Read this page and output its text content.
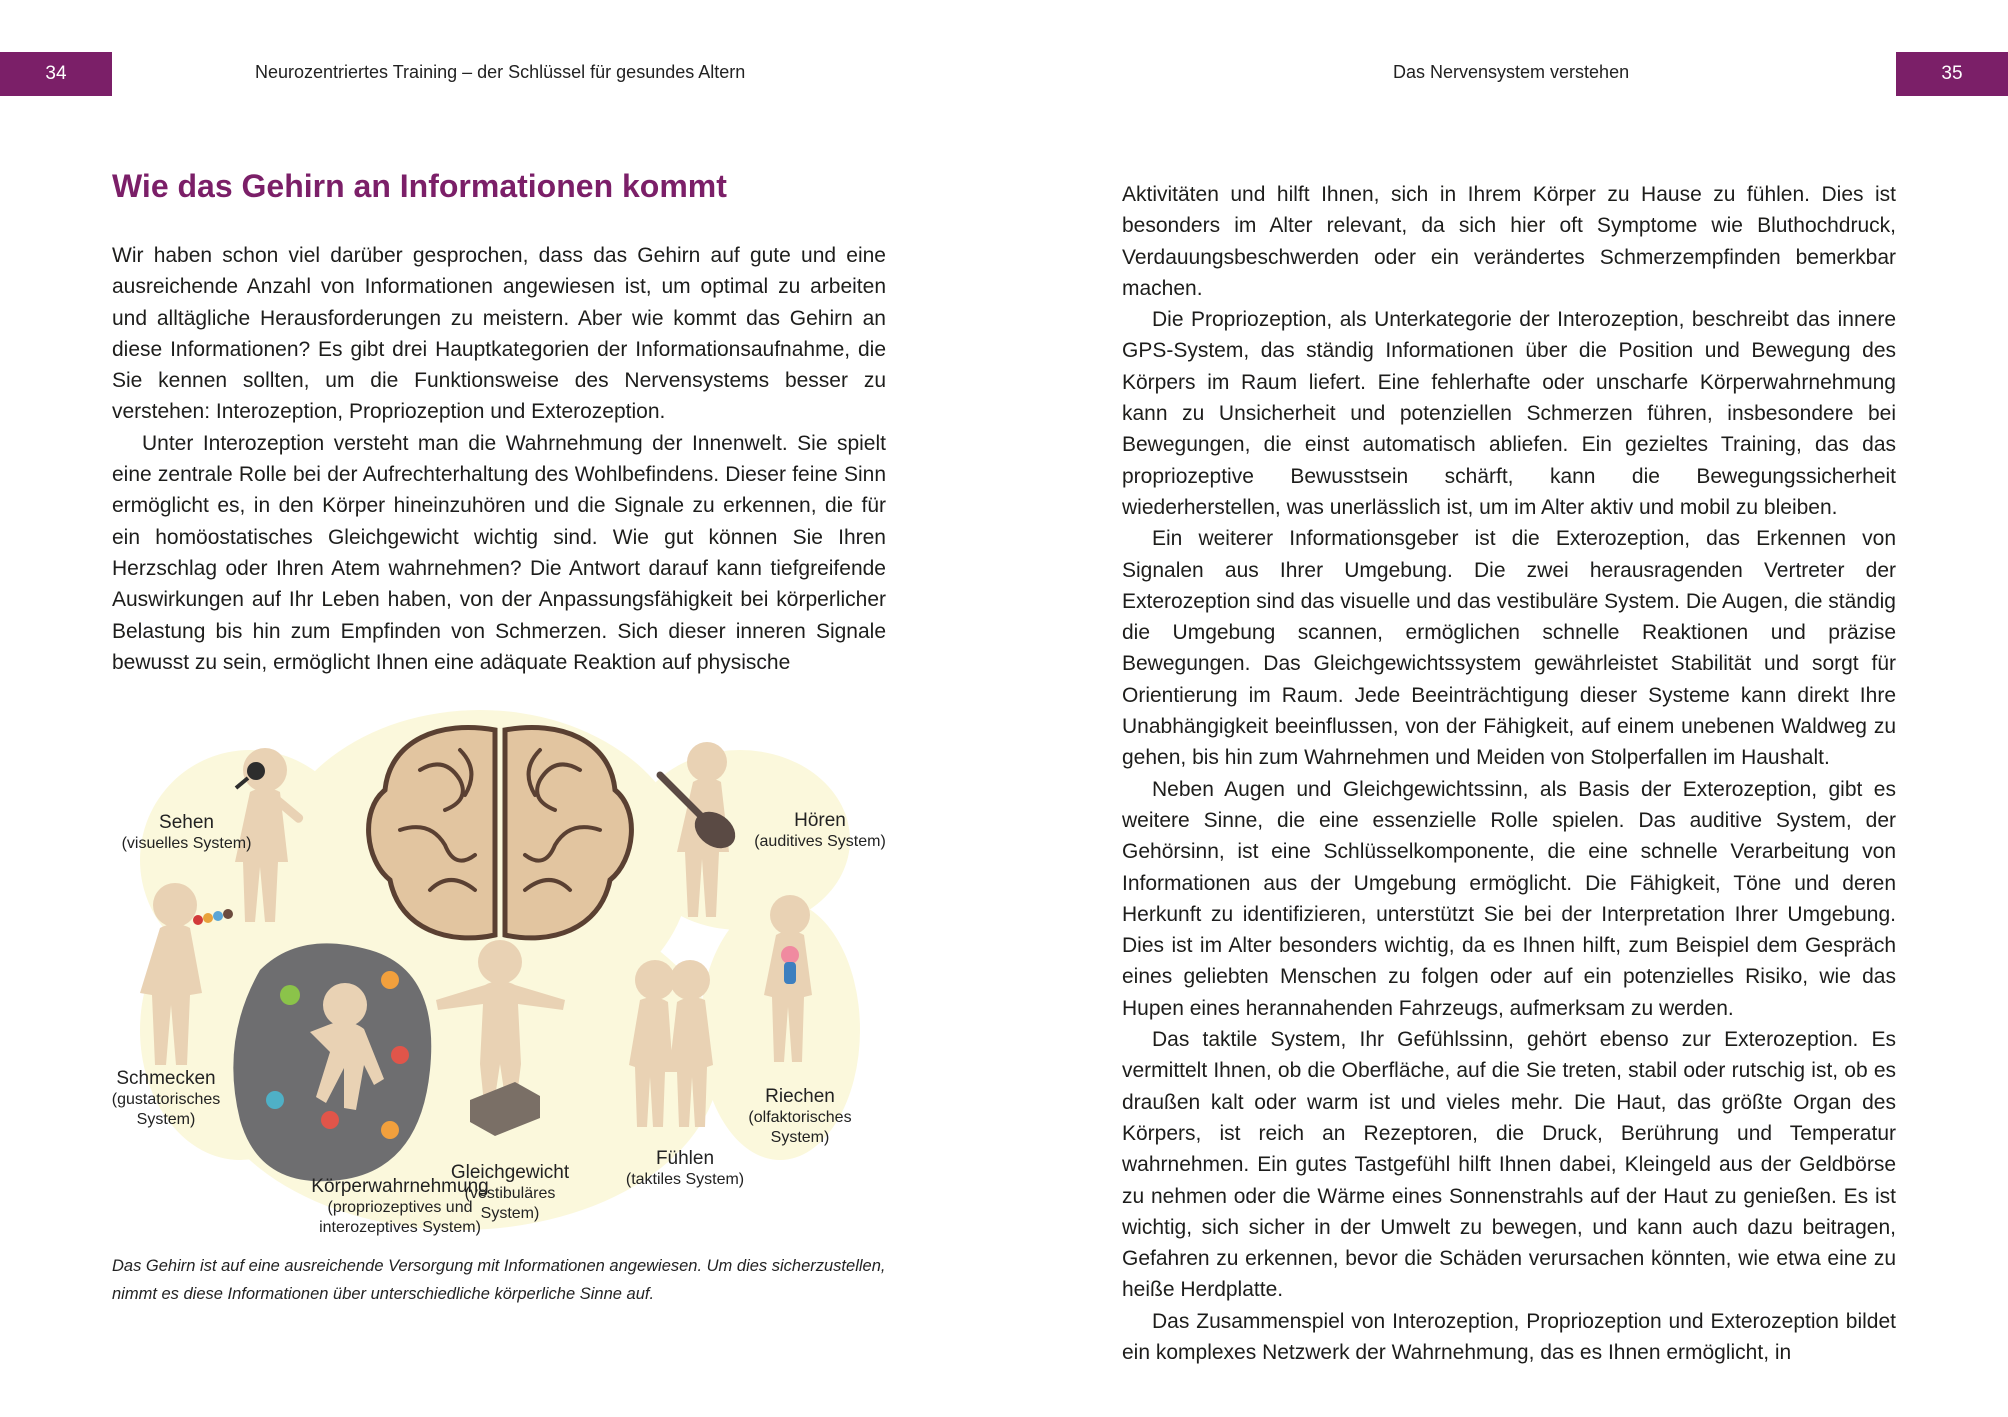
34	Neurozentriertes Training – der Schlüssel für gesundes Altern	Das Nervensystem verstehen	35
Wie das Gehirn an Informationen kommt

Wir haben schon viel darüber gesprochen, dass das Gehirn auf gute und eine ausreichende Anzahl von Informationen angewiesen ist, um optimal zu arbeiten und alltägliche Herausforderungen zu meistern. Aber wie kommt das Gehirn an diese Informationen? Es gibt drei Hauptkategorien der Informationsaufnahme, die Sie kennen sollten, um die Funktionsweise des Nervensystems besser zu verstehen: Interozeption, Propriozeption und Exterozeption.

Unter Interozeption versteht man die Wahrnehmung der Innenwelt. Sie spielt eine zentrale Rolle bei der Aufrechterhaltung des Wohlbefindens. Dieser feine Sinn ermöglicht es, in den Körper hineinzuhören und die Signale zu erkennen, die für ein homöostatisches Gleichgewicht wichtig sind. Wie gut können Sie Ihren Herzschlag oder Ihren Atem wahrnehmen? Die Antwort darauf kann tiefgreifende Auswirkungen auf Ihr Leben haben, von der Anpassungsfähigkeit bei körperlicher Belastung bis hin zum Empfinden von Schmerzen. Sich dieser inneren Signale bewusst zu sein, ermöglicht Ihnen eine adäquate Reaktion auf physische

Sehen
(visuelles System)
Hören
(auditives System)
Schmecken
(gustatorisches
System)
Riechen
(olfaktorisches
System)
Fühlen
(taktiles System)
Gleichgewicht
(vestibuläres
System)
Körperwahrnehmung
(propriozeptives und
interozeptives System)

Das Gehirn ist auf eine ausreichende Versorgung mit Informationen angewiesen. Um dies sicherzustellen, nimmt es diese Informationen über unterschiedliche körperliche Sinne auf.

Aktivitäten und hilft Ihnen, sich in Ihrem Körper zu Hause zu fühlen. Dies ist besonders im Alter relevant, da sich hier oft Symptome wie Bluthochdruck, Verdauungsbeschwerden oder ein verändertes Schmerzempfinden bemerkbar machen.

Die Propriozeption, als Unterkategorie der Interozeption, beschreibt das innere GPS-System, das ständig Informationen über die Position und Bewegung des Körpers im Raum liefert. Eine fehlerhafte oder unscharfe Körperwahrnehmung kann zu Unsicherheit und potenziellen Schmerzen führen, insbesondere bei Bewegungen, die einst automatisch abliefen. Ein gezieltes Training, das das propriozeptive Bewusstsein schärft, kann die Bewegungssicherheit wiederherstellen, was unerlässlich ist, um im Alter aktiv und mobil zu bleiben.

Ein weiterer Informationsgeber ist die Exterozeption, das Erkennen von Signalen aus Ihrer Umgebung. Die zwei herausragenden Vertreter der Exterozeption sind das visuelle und das vestibuläre System. Die Augen, die ständig die Umgebung scannen, ermöglichen schnelle Reaktionen und präzise Bewegungen. Das Gleichgewichtssystem gewährleistet Stabilität und sorgt für Orientierung im Raum. Jede Beeinträchtigung dieser Systeme kann direkt Ihre Unabhängigkeit beeinflussen, von der Fähigkeit, auf einem unebenen Waldweg zu gehen, bis hin zum Wahrnehmen und Meiden von Stolperfallen im Haushalt.

Neben Augen und Gleichgewichtssinn, als Basis der Exterozeption, gibt es weitere Sinne, die eine essenzielle Rolle spielen. Das auditive System, der Gehörsinn, ist eine Schlüsselkomponente, die eine schnelle Verarbeitung von Informationen aus der Umgebung ermöglicht. Die Fähigkeit, Töne und deren Herkunft zu identifizieren, unterstützt Sie bei der Interpretation Ihrer Umgebung. Dies ist im Alter besonders wichtig, da es Ihnen hilft, zum Beispiel dem Gespräch eines geliebten Menschen zu folgen oder auf ein potenzielles Risiko, wie das Hupen eines herannahenden Fahrzeugs, aufmerksam zu werden.

Das taktile System, Ihr Gefühlssinn, gehört ebenso zur Exterozeption. Es vermittelt Ihnen, ob die Oberfläche, auf die Sie treten, stabil oder rutschig ist, ob es draußen kalt oder warm ist und vieles mehr. Die Haut, das größte Organ des Körpers, ist reich an Rezeptoren, die Druck, Berührung und Temperatur wahrnehmen. Ein gutes Tastgefühl hilft Ihnen dabei, Kleingeld aus der Geldbörse zu nehmen oder die Wärme eines Sonnenstrahls auf der Haut zu genießen. Es ist wichtig, sich sicher in der Umwelt zu bewegen, und kann auch dazu beitragen, Gefahren zu erkennen, bevor die Schäden verursachen könnten, wie etwa eine zu heiße Herdplatte.

Das Zusammenspiel von Interozeption, Propriozeption und Exterozeption bildet ein komplexes Netzwerk der Wahrnehmung, das es Ihnen ermöglicht, in
